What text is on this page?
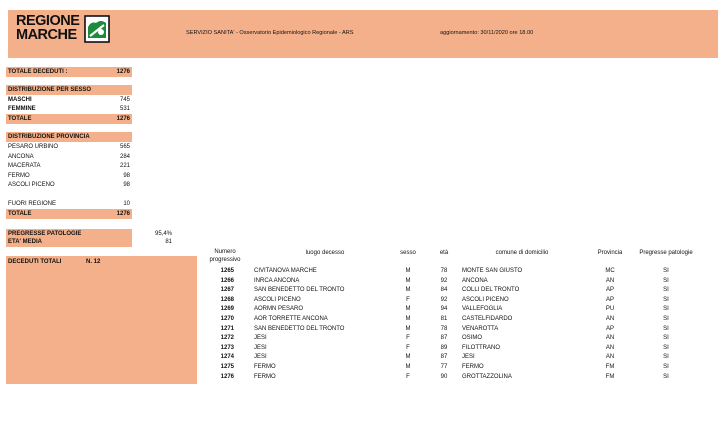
REGIONE
MARCHE	SERVIZIO SANITA' - Osservatorio Epidemiologico Regionale - ARS	aggiornamento: 30/11/2020 ore 18.00
TOTALE DECEDUTI :	1276
DISTRIBUZIONE PER SESSO
MASCHI	745
FEMMINE	531
TOTALE	1276
DISTRIBUZIONE PROVINCIA
PESARO URBINO	565
ANCONA	284
MACERATA	221
FERMO	98
ASCOLI PICENO	98
FUORI REGIONE	10
TOTALE	1276
PREGRESSE PATOLOGIE	95,4%
ETA' MEDIA	81
DECEDUTI TOTALI	N. 12
Numero
progressivo
luogo decesso	sesso	età	comune di domicilio	Provincia	Pregresse patologie
1265	CIVITANOVA MARCHE	M	78	MONTE SAN GIUSTO	MC	SI
1266	INRCA ANCONA	M	92	ANCONA	AN	SI
1267	SAN BENEDETTO DEL TRONTO	M	84	COLLI DEL TRONTO	AP	SI
1268	ASCOLI PICENO	F	92	ASCOLI PICENO	AP	SI
1269	AORMN PESARO	M	94	VALLEFOGLIA	PU	SI
1270	AOR TORRETTE ANCONA	M	81	CASTELFIDARDO	AN	SI
1271	SAN BENEDETTO DEL TRONTO	M	78	VENAROTTA	AP	SI
1272	JESI	F	87	OSIMO	AN	SI
1273	JESI	F	89	FILOTTRANO	AN	SI
1274	JESI	M	87	JESI	AN	SI
1275	FERMO	M	77	FERMO	FM	SI
1276	FERMO	F	90	GROTTAZZOLINA	FM	SI
